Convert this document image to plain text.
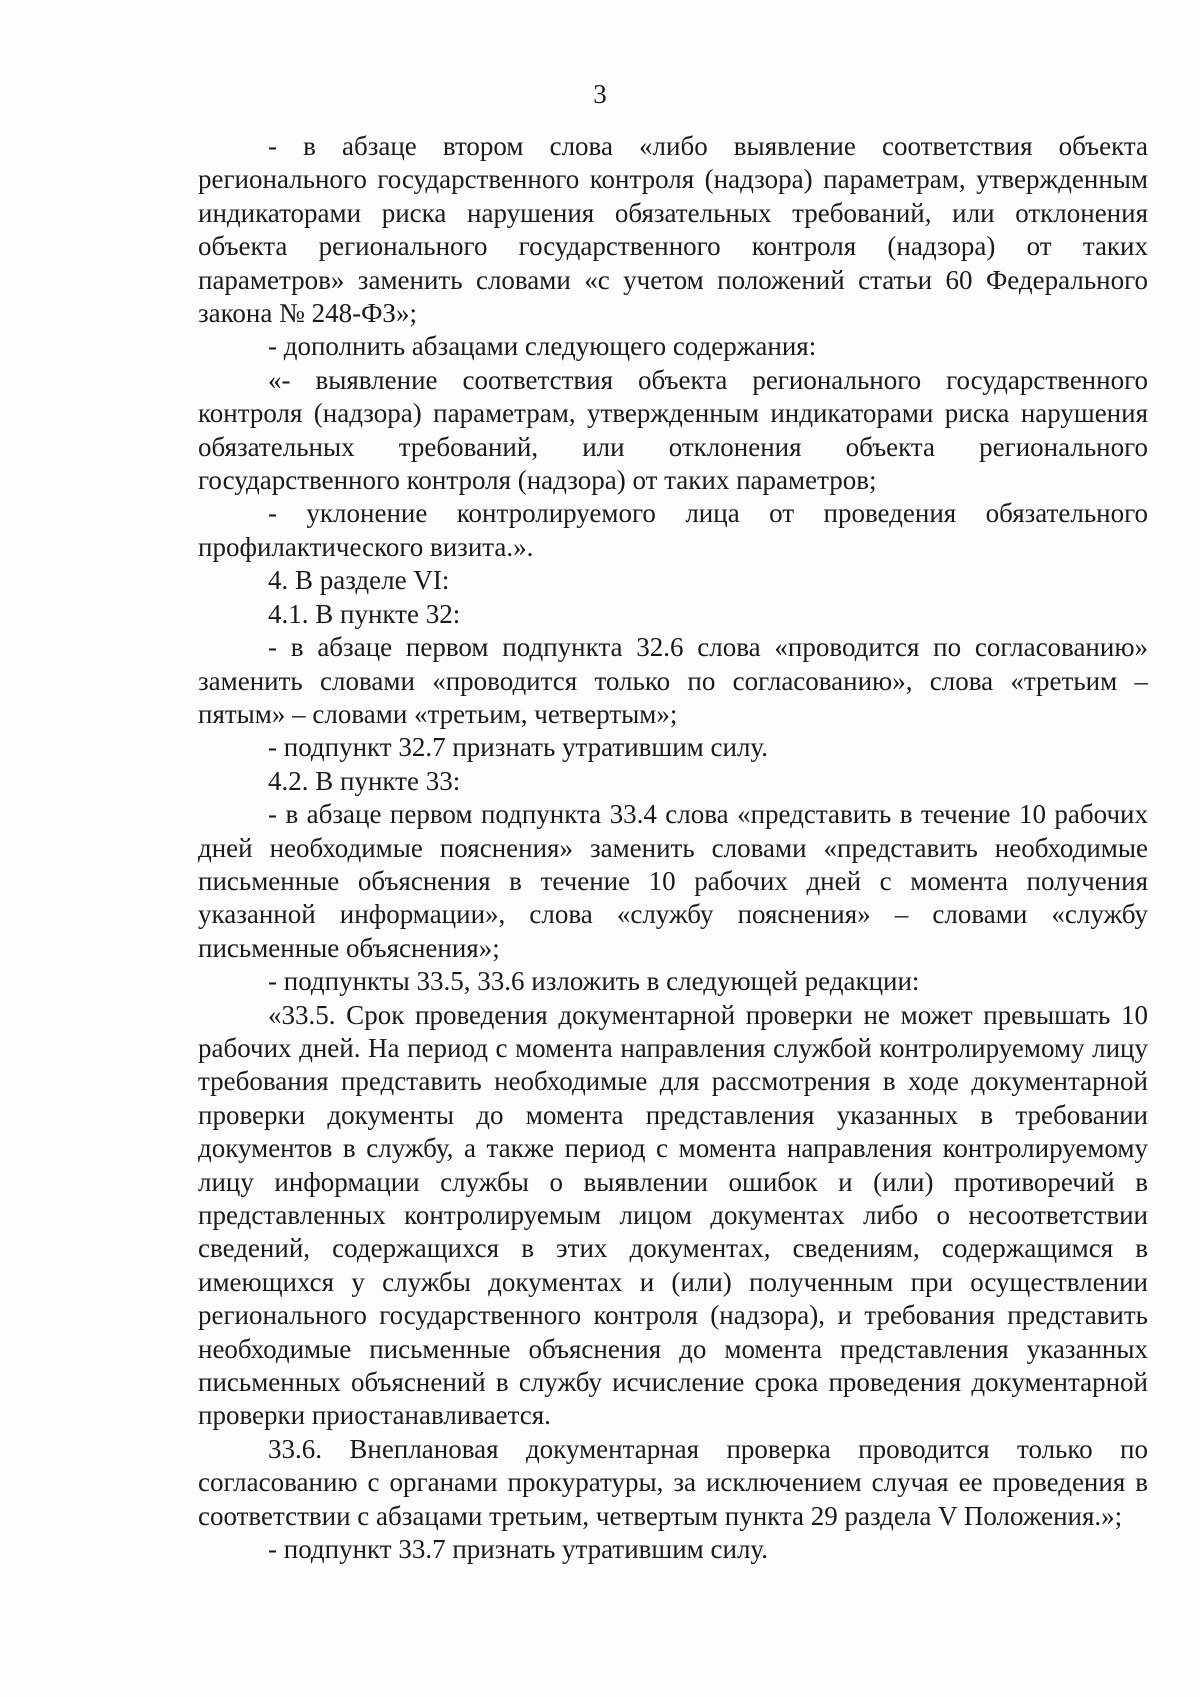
3

- в абзаце втором слова «либо выявление соответствия объекта регионального государственного контроля (надзора) параметрам, утвержденным индикаторами риска нарушения обязательных требований, или отклонения объекта регионального государственного контроля (надзора) от таких параметров» заменить словами «с учетом положений статьи 60 Федерального закона № 248-ФЗ»;

- дополнить абзацами следующего содержания:

«- выявление соответствия объекта регионального государственного контроля (надзора) параметрам, утвержденным индикаторами риска нарушения обязательных требований, или отклонения объекта регионального государственного контроля (надзора) от таких параметров;

- уклонение контролируемого лица от проведения обязательного профилактического визита.».

4. В разделе VI:

4.1. В пункте 32:

- в абзаце первом подпункта 32.6 слова «проводится по согласованию» заменить словами «проводится только по согласованию», слова «третьим – пятым» – словами «третьим, четвертым»;

- подпункт 32.7 признать утратившим силу.

4.2. В пункте 33:

- в абзаце первом подпункта 33.4 слова «представить в течение 10 рабочих дней необходимые пояснения» заменить словами «представить необходимые письменные объяснения в течение 10 рабочих дней с момента получения указанной информации», слова «службу пояснения» – словами «службу письменные объяснения»;

- подпункты 33.5, 33.6 изложить в следующей редакции:

«33.5. Срок проведения документарной проверки не может превышать 10 рабочих дней. На период с момента направления службой контролируемому лицу требования представить необходимые для рассмотрения в ходе документарной проверки документы до момента представления указанных в требовании документов в службу, а также период с момента направления контролируемому лицу информации службы о выявлении ошибок и (или) противоречий в представленных контролируемым лицом документах либо о несоответствии сведений, содержащихся в этих документах, сведениям, содержащимся в имеющихся у службы документах и (или) полученным при осуществлении регионального государственного контроля (надзора), и требования представить необходимые письменные объяснения до момента представления указанных письменных объяснений в службу исчисление срока проведения документарной проверки приостанавливается.

33.6. Внеплановая документарная проверка проводится только по согласованию с органами прокуратуры, за исключением случая ее проведения в соответствии с абзацами третьим, четвертым пункта 29 раздела V Положения.»;

- подпункт 33.7 признать утратившим силу.
